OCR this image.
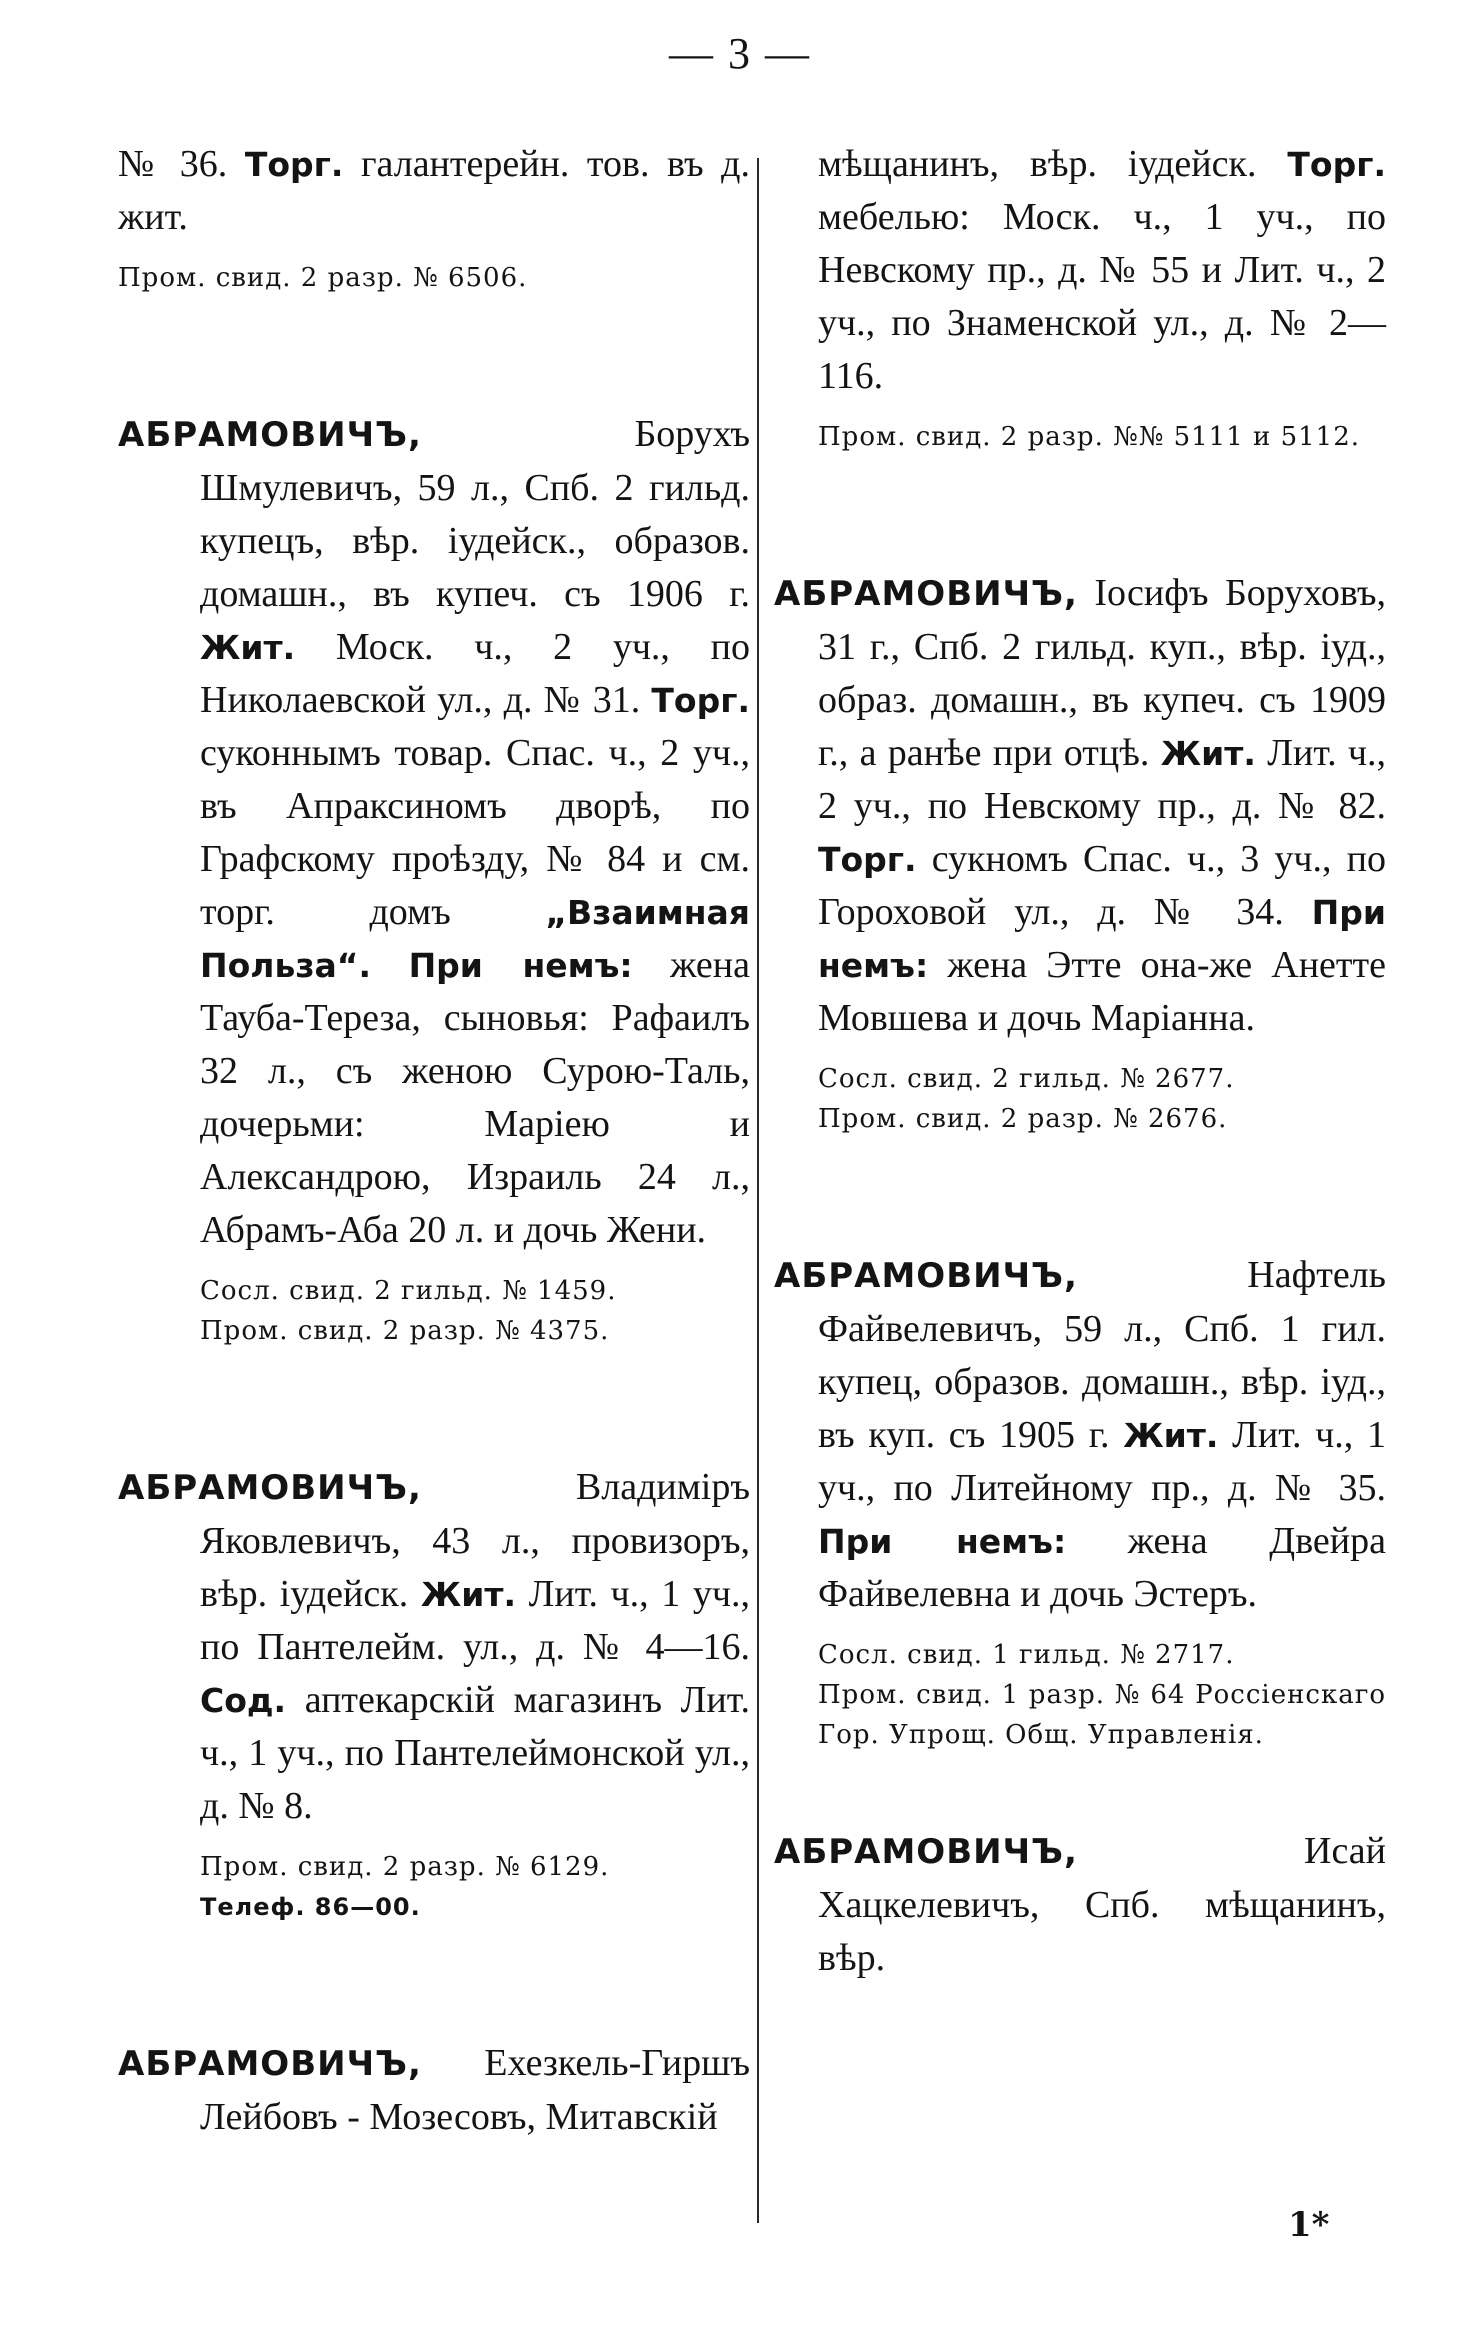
— 3 —

№ 36. Торг. галантерейн. тов. въ д. жит.

Пром. свид. 2 разр. № 6506.

АБРАМОВИЧЪ, Борухъ Шмулевичъ, 59 л., Спб. 2 гильд. купецъ, вѣр. іудейск., образов. домашн., въ купеч. съ 1906 г. Жит. Моск. ч., 2 уч., по Николаевской ул., д. № 31. Торг. суконнымъ товар. Спас. ч., 2 уч., въ Апраксиномъ дворѣ, по Графскому проѣзду, № 84 и см. торг. домъ „Взаимная Польза“. При немъ: жена Тауба-Тереза, сыновья: Рафаилъ 32 л., съ женою Сурою-Таль, дочерьми: Маріею и Александрою, Израиль 24 л., Абрамъ-Аба 20 л. и дочь Жени.

Сосл. свид. 2 гильд. № 1459.

Пром. свид. 2 разр. № 4375.

АБРАМОВИЧЪ, Владиміръ Яковлевичъ, 43 л., провизоръ, вѣр. іудейск. Жит. Лит. ч., 1 уч., по Пантелейм. ул., д. № 4—16. Сод. аптекарскій магазинъ Лит. ч., 1 уч., по Пантелеймонской ул., д. № 8.

Пром. свид. 2 разр. № 6129.

Телеф. 86—00.

АБРАМОВИЧЪ, Ехезкель-Гиршъ Лейбовъ - Мозесовъ, Митавскій

мѣщанинъ, вѣр. іудейск. Торг. мебелью: Моск. ч., 1 уч., по Невскому пр., д. № 55 и Лит. ч., 2 уч., по Знаменской ул., д. № 2—116.

Пром. свид. 2 разр. №№ 5111 и 5112.

АБРАМОВИЧЪ, Іосифъ Боруховъ, 31 г., Спб. 2 гильд. куп., вѣр. іуд., образ. домашн., въ купеч. съ 1909 г., а ранѣе при отцѣ. Жит. Лит. ч., 2 уч., по Невскому пр., д. № 82. Торг. сукномъ Спас. ч., 3 уч., по Гороховой ул., д. № 34. При немъ: жена Этте она-же Анетте Мовшева и дочь Маріанна.

Сосл. свид. 2 гильд. № 2677.

Пром. свид. 2 разр. № 2676.

АБРАМОВИЧЪ, Нафтель Файвелевичъ, 59 л., Спб. 1 гил. купец, образов. домашн., вѣр. іуд., въ куп. съ 1905 г. Жит. Лит. ч., 1 уч., по Литейному пр., д. № 35. При немъ: жена Двейра Файвелевна и дочь Эстеръ.

Сосл. свид. 1 гильд. № 2717.

Пром. свид. 1 разр. № 64 Россіенскаго Гор. Упрощ. Общ. Управленія.

АБРАМОВИЧЪ, Исай Хацкелевичъ, Спб. мѣщанинъ, вѣр.

1*
